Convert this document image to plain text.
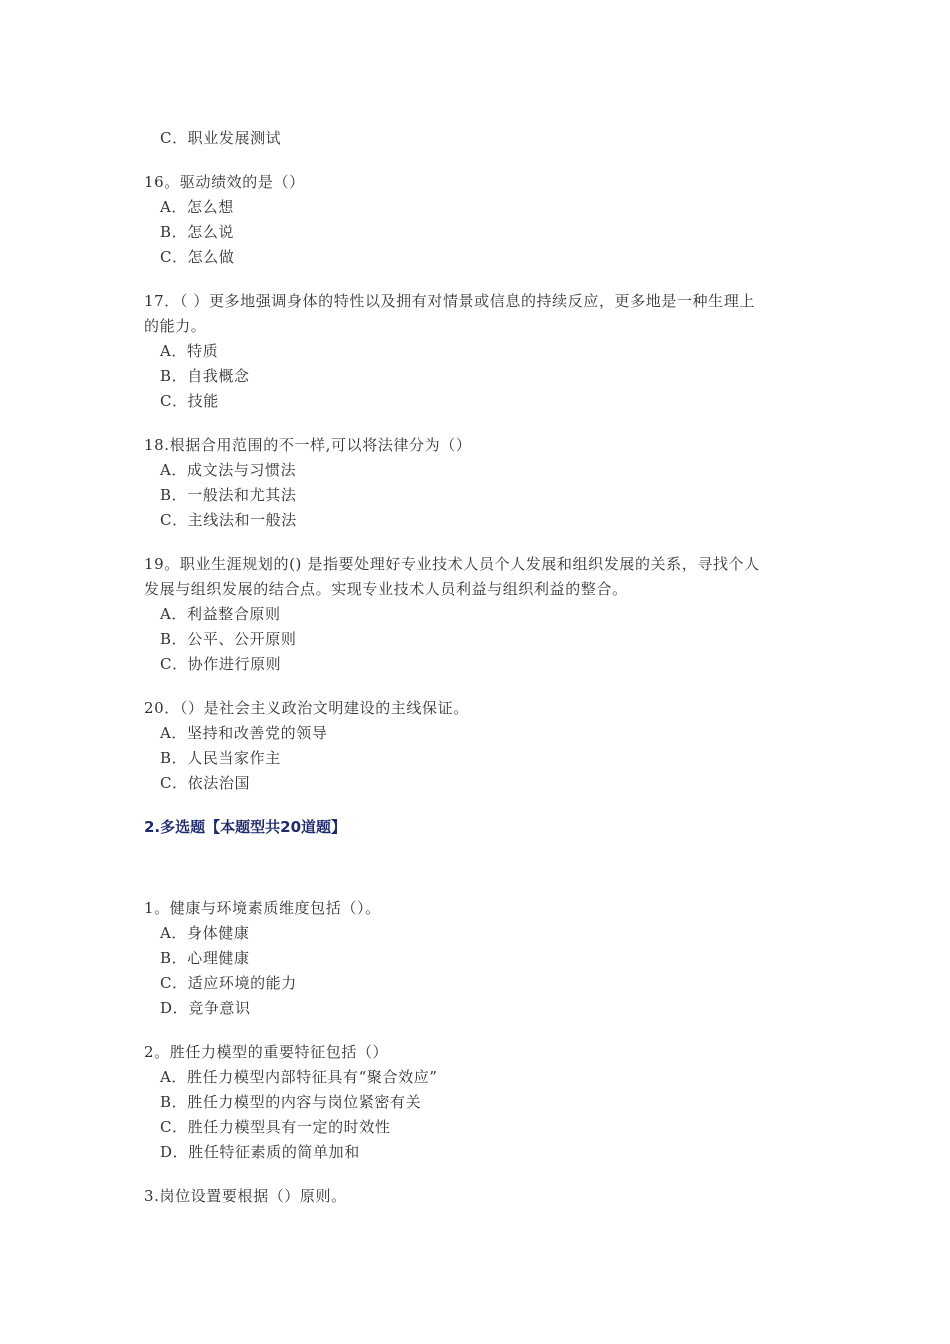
C．职业发展测试
16。驱动绩效的是（）
A．怎么想
B．怎么说
C．怎么做
17．（ ）更多地强调身体的特性以及拥有对情景或信息的持续反应，更多地是一种生理上
的能力。
A．特质
B．自我概念
C．技能
18.根据合用范围的不一样,可以将法律分为（）
A．成文法与习惯法
B．一般法和尤其法
C．主线法和一般法
19。职业生涯规划的() 是指要处理好专业技术人员个人发展和组织发展的关系，寻找个人
发展与组织发展的结合点。实现专业技术人员利益与组织利益的整合。
A．利益整合原则
B．公平、公开原则
C．协作进行原则
20．（）是社会主义政治文明建设的主线保证。
A．坚持和改善党的领导
B．人民当家作主
C．依法治国
2.多选题【本题型共20道题】
1。健康与环境素质维度包括（）。
A．身体健康
B．心理健康
C．适应环境的能力
D．竞争意识
2。胜任力模型的重要特征包括（）
A．胜任力模型内部特征具有“聚合效应”
B．胜任力模型的内容与岗位紧密有关
C．胜任力模型具有一定的时效性
D．胜任特征素质的简单加和
3.岗位设置要根据（）原则。
